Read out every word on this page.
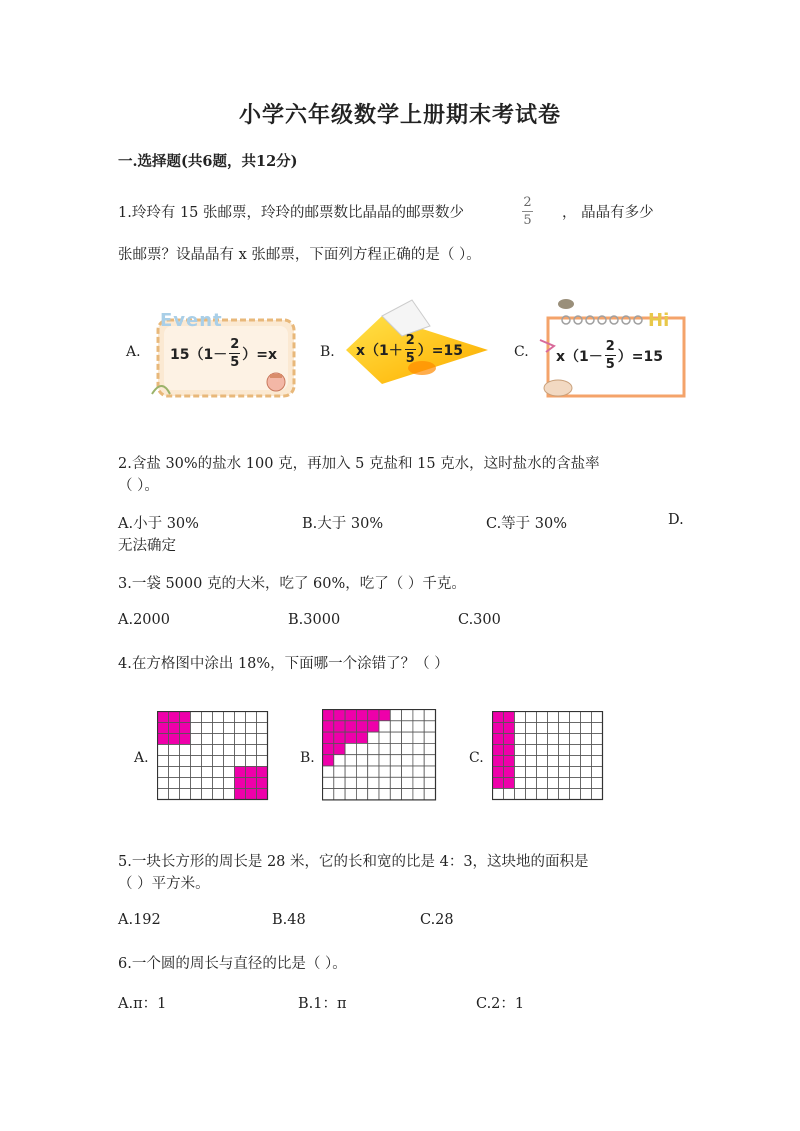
小学六年级数学上册期末考试卷
一.选择题(共6题，共12分)
1.玲玲有 15 张邮票，玲玲的邮票数比晶晶的邮票数少
2
5 ， 晶晶有多少
张邮票？设晶晶有 x 张邮票，下面列方程正确的是（ ）。
A.
Event
15（1－
2
5 ）=x	B. x（1＋
2
5 ）=15	C.
Hi
x（1－
2
5 ）=15
2.含盐 30%的盐水 100 克，再加入 5 克盐和 15 克水，这时盐水的含盐率
（ ）。
A.小于 30%	B.大于 30%	C.等于 30%	D.
无法确定
3.一袋 5000 克的大米，吃了 60%，吃了（ ）千克。
A.2000	B.3000	C.300
4.在方格图中涂出 18%，下面哪一个涂错了？（ ）
A.	B.	C.
5.一块长方形的周长是 28 米，它的长和宽的比是 4：3，这块地的面积是
（ ）平方米。
A.192	B.48	C.28
6.一个圆的周长与直径的比是（ ）。
A.π：1	B.1：π	C.2：1
